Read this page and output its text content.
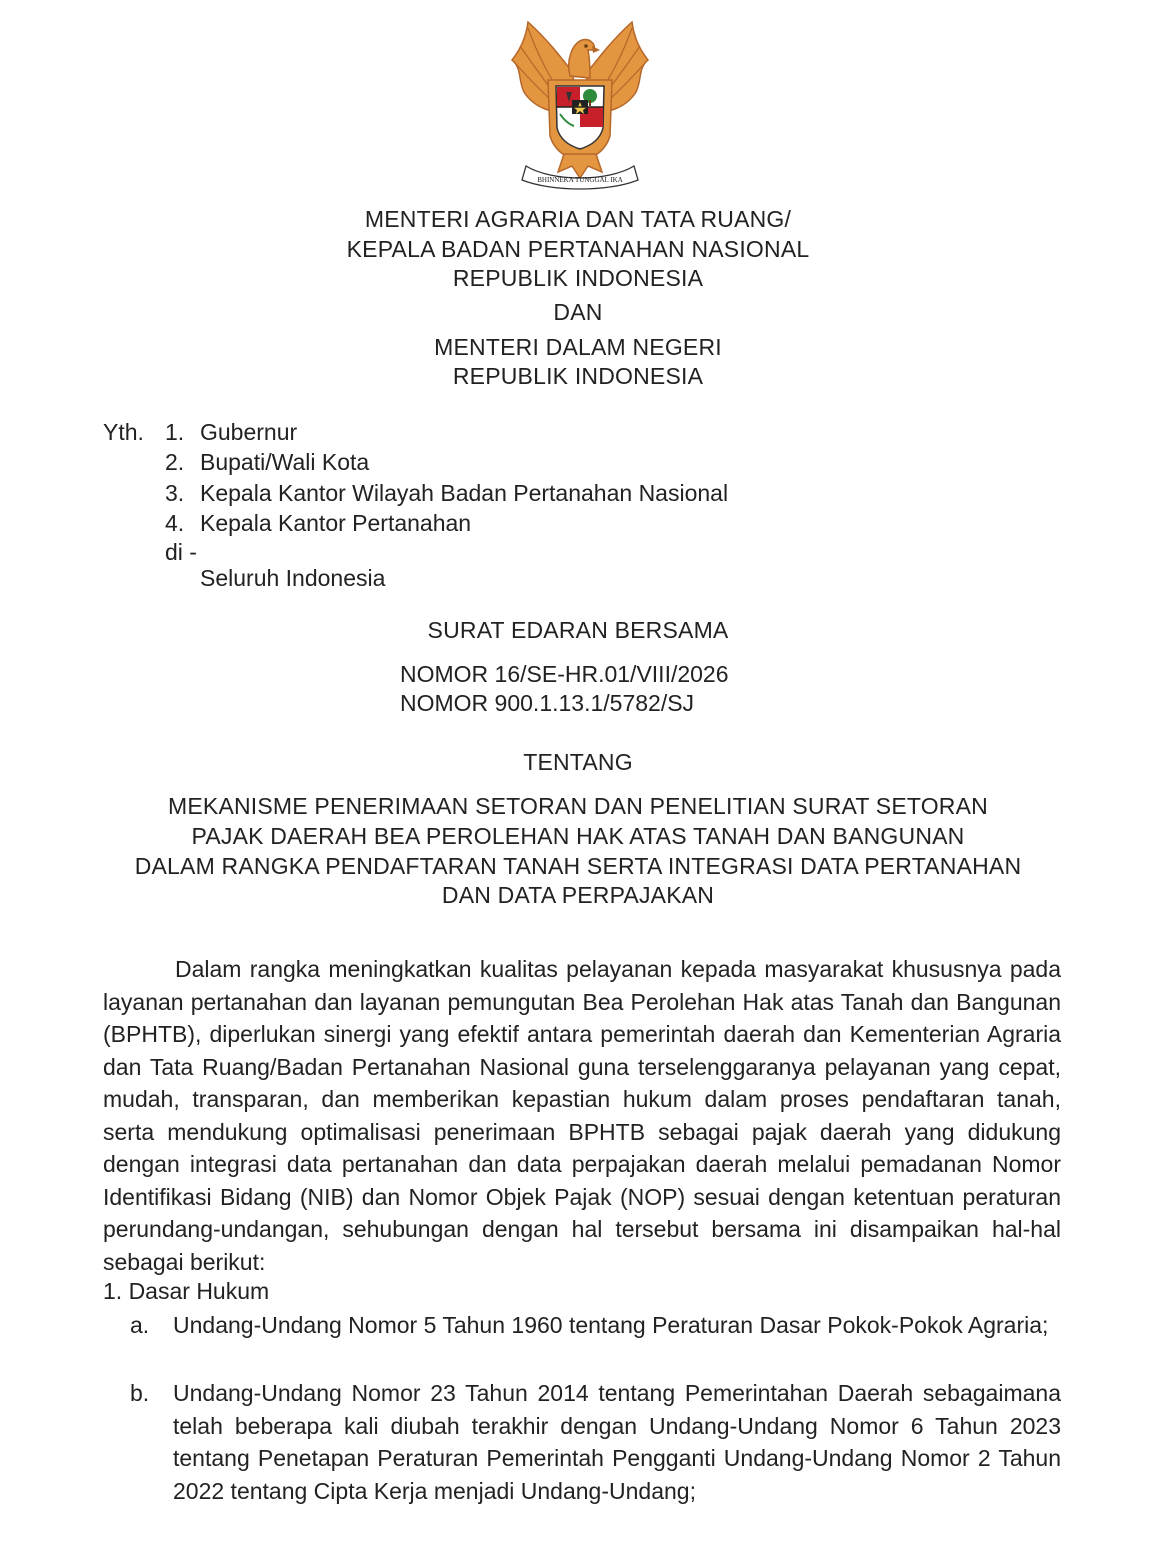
BHINNEKA TUNGGAL IKA
MENTERI AGRARIA DAN TATA RUANG/
KEPALA BADAN PERTANAHAN NASIONAL
REPUBLIK INDONESIA
DAN
MENTERI DALAM NEGERI
REPUBLIK INDONESIA
Yth. 1. Gubernur
2. Bupati/Wali Kota
3. Kepala Kantor Wilayah Badan Pertanahan Nasional
4. Kepala Kantor Pertanahan
di -
Seluruh Indonesia
SURAT EDARAN BERSAMA
NOMOR 16/SE-HR.01/VIII/2026
NOMOR 900.1.13.1/5782/SJ
TENTANG
MEKANISME PENERIMAAN SETORAN DAN PENELITIAN SURAT SETORAN
PAJAK DAERAH BEA PEROLEHAN HAK ATAS TANAH DAN BANGUNAN
DALAM RANGKA PENDAFTARAN TANAH SERTA INTEGRASI DATA PERTANAHAN
DAN DATA PERPAJAKAN
Dalam rangka meningkatkan kualitas pelayanan kepada masyarakat khususnya pada layanan pertanahan dan layanan pemungutan Bea Perolehan Hak atas Tanah dan Bangunan (BPHTB), diperlukan sinergi yang efektif antara pemerintah daerah dan Kementerian Agraria dan Tata Ruang/Badan Pertanahan Nasional guna terselenggaranya pelayanan yang cepat, mudah, transparan, dan memberikan kepastian hukum dalam proses pendaftaran tanah, serta mendukung optimalisasi penerimaan BPHTB sebagai pajak daerah yang didukung dengan integrasi data pertanahan dan data perpajakan daerah melalui pemadanan Nomor Identifikasi Bidang (NIB) dan Nomor Objek Pajak (NOP) sesuai dengan ketentuan peraturan perundang-undangan, sehubungan dengan hal tersebut bersama ini disampaikan hal-hal sebagai berikut:
1. Dasar Hukum
a. Undang-Undang Nomor 5 Tahun 1960 tentang Peraturan Dasar Pokok-Pokok Agraria;
b. Undang-Undang Nomor 23 Tahun 2014 tentang Pemerintahan Daerah sebagaimana telah beberapa kali diubah terakhir dengan Undang-Undang Nomor 6 Tahun 2023 tentang Penetapan Peraturan Pemerintah Pengganti Undang-Undang Nomor 2 Tahun 2022 tentang Cipta Kerja menjadi Undang-Undang;
